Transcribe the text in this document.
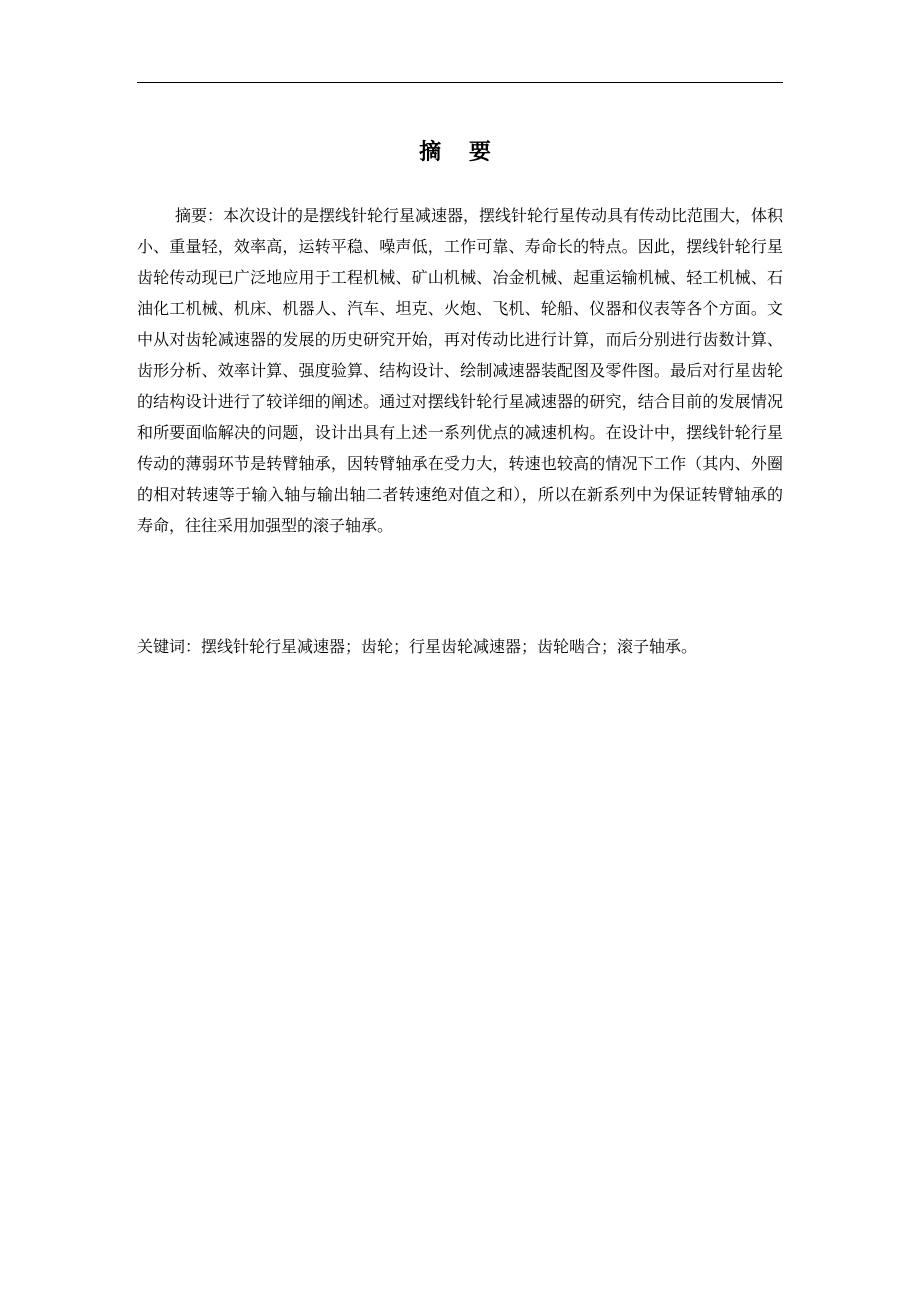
摘 要

摘要：本次设计的是摆线针轮行星减速器，摆线针轮行星传动具有传动比范围大，体积小、重量轻，效率高，运转平稳、噪声低，工作可靠、寿命长的特点。因此，摆线针轮行星齿轮传动现已广泛地应用于工程机械、矿山机械、冶金机械、起重运输机械、轻工机械、石油化工机械、机床、机器人、汽车、坦克、火炮、飞机、轮船、仪器和仪表等各个方面。文中从对齿轮减速器的发展的历史研究开始，再对传动比进行计算，而后分别进行齿数计算、齿形分析、效率计算、强度验算、结构设计、绘制减速器装配图及零件图。最后对行星齿轮的结构设计进行了较详细的阐述。通过对摆线针轮行星减速器的研究，结合目前的发展情况和所要面临解决的问题，设计出具有上述一系列优点的减速机构。在设计中，摆线针轮行星传动的薄弱环节是转臂轴承，因转臂轴承在受力大，转速也较高的情况下工作（其内、外圈的相对转速等于输入轴与输出轴二者转速绝对值之和），所以在新系列中为保证转臂轴承的寿命，往往采用加强型的滚子轴承。

关键词：摆线针轮行星减速器；齿轮；行星齿轮减速器；齿轮啮合；滚子轴承。
